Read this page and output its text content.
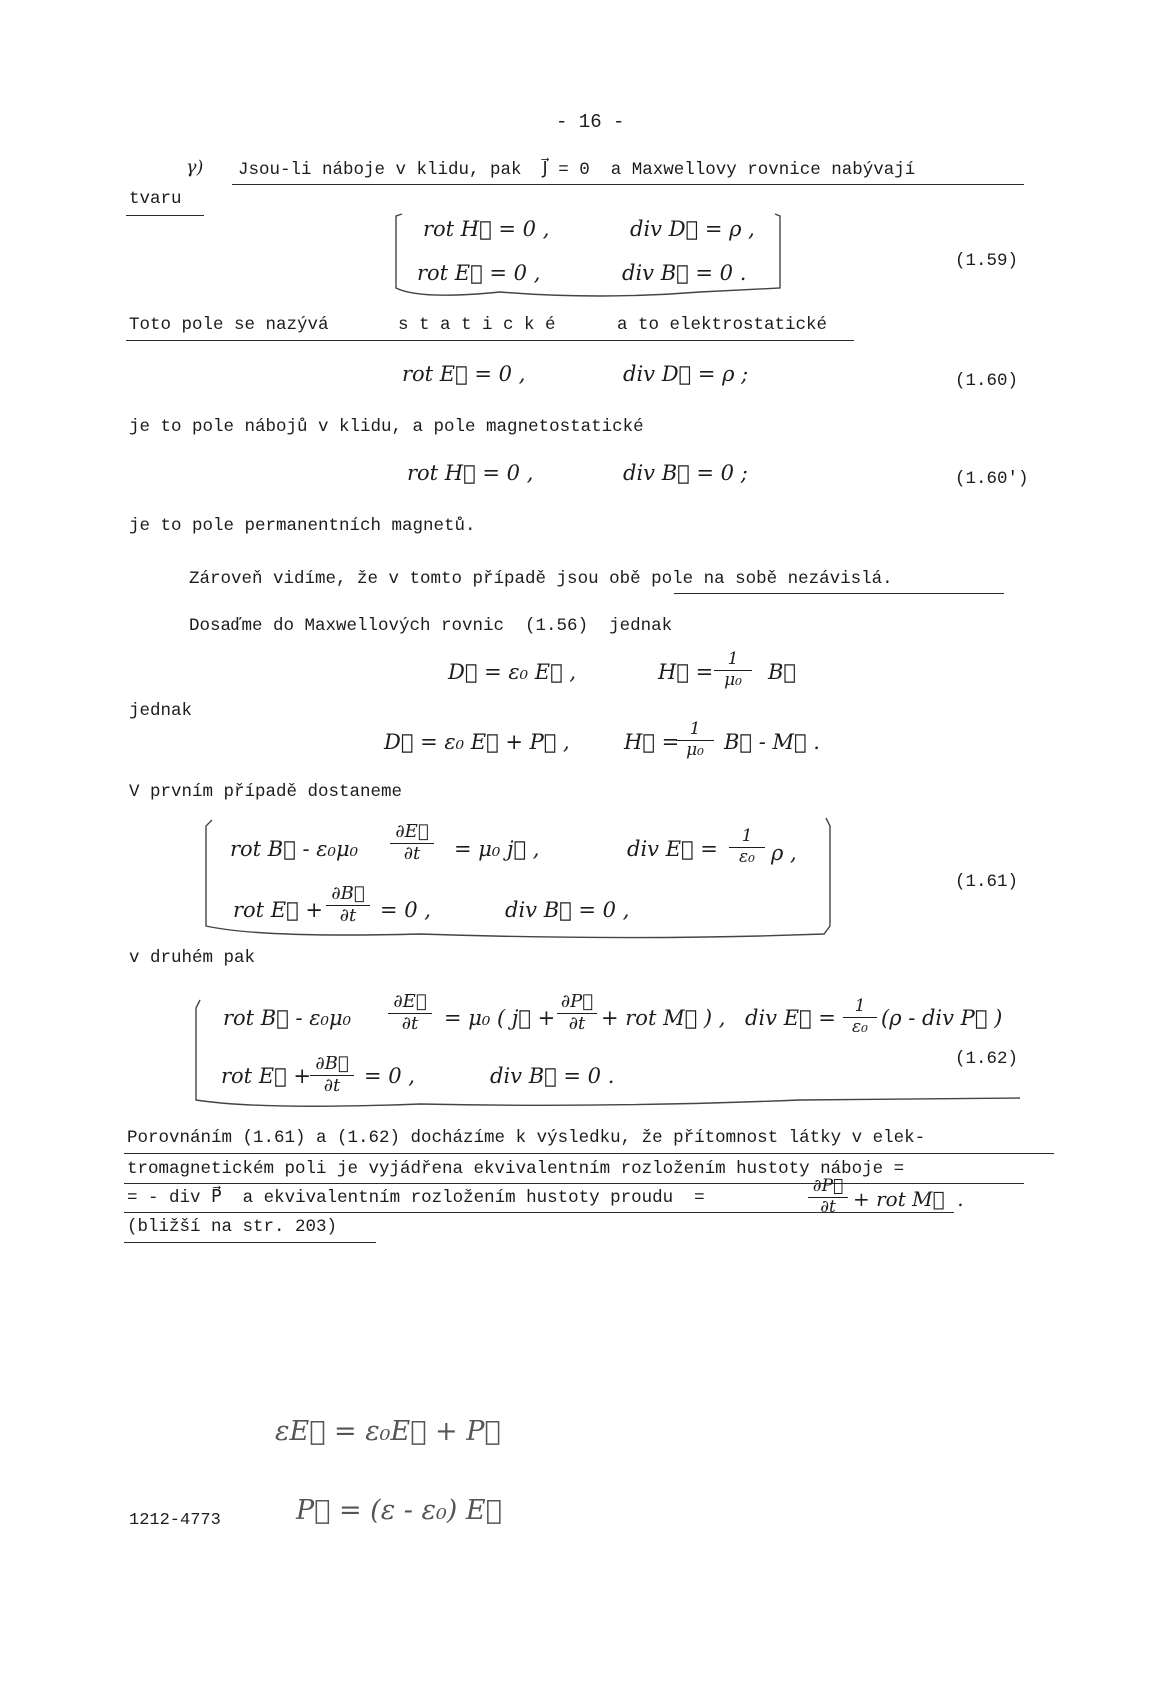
- 16 -
γ) Jsou-li náboje v klidu, pak  J⃗ = 0  a Maxwellovy rovnice nabývají
tvaru
rot H⃗ = 0 ,	div D⃗ = ρ ,
rot E⃗ = 0 ,	div B⃗ = 0 .	(1.59)
Toto pole se nazývá	s t a t i c k é	a to elektrostatické
rot E⃗ = 0 ,	div D⃗ = ρ ;	(1.60)
je to pole nábojů v klidu, a pole magnetostatické
rot H⃗ = 0 ,	div B⃗ = 0 ;	(1.60′)
je to pole permanentních magnetů.
Zároveň vidíme, že v tomto případě jsou obě pole na sobě nezávislá.
Dosaďme do Maxwellových rovnic  (1.56)  jednak
D⃗ = ε₀ E⃗ ,	H⃗ =
1
μ₀	B⃗
jednak
D⃗ = ε₀ E⃗ + P⃗ ,	H⃗ =
1
μ₀ B⃗ - M⃗ .
V prvním případě dostaneme
rot B⃗ - ε₀μ₀
∂E⃗
∂t	= μ₀ j⃗ ,	div E⃗ =
1
ε₀ ρ ,
rot E⃗ +
∂B⃗
∂t	= 0 ,	div B⃗ = 0 ,
(1.61)
v druhém pak
rot B⃗ - ε₀μ₀
∂E⃗
∂t	= μ₀ ( j⃗ +
∂P⃗
∂t + rot M⃗ ) , div E⃗ =	1
ε₀ (ρ - div P⃗ )
rot E⃗ +
∂B⃗
∂t	= 0 ,	div B⃗ = 0 .
(1.62)
Porovnáním (1.61) a (1.62) docházíme k výsledku, že přítomnost látky v elek-
tromagnetickém poli je vyjádřena ekvivalentním rozložením hustoty náboje =
= - div P⃗  a ekvivalentním rozložením hustoty proudu  =
∂P⃗
∂t + rot M⃗  .
(bližší na str. 203)
εE⃗ = ε₀E⃗ + P⃗
P⃗ = (ε - ε₀) E⃗
1212-4773
